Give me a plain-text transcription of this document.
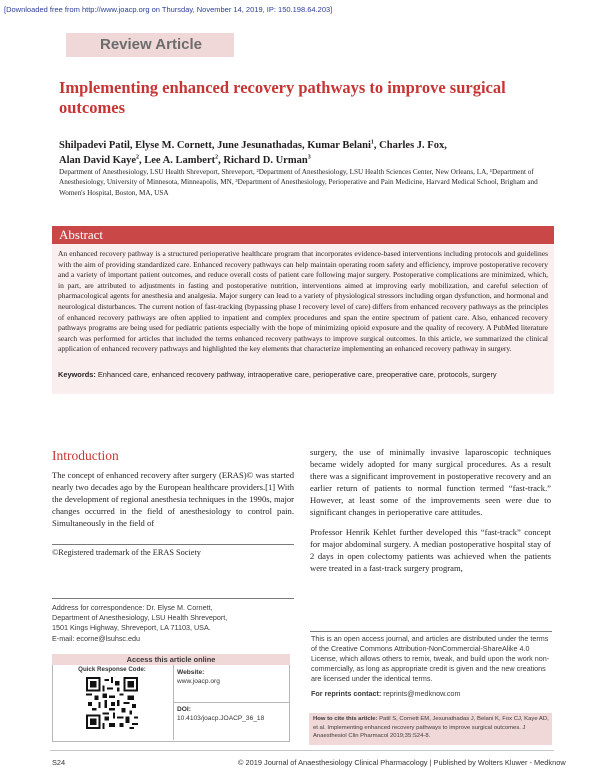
[Downloaded free from http://www.joacp.org on Thursday, November 14, 2019, IP: 150.198.64.203]
Review Article
Implementing enhanced recovery pathways to improve surgical outcomes
Shilpadevi Patil, Elyse M. Cornett, June Jesunathadas, Kumar Belani$^1$, Charles J. Fox,
Alan David Kaye$^2$, Lee A. Lambert$^2$, Richard D. Urman$^3$
Department of Anesthesiology, LSU Health Shreveport, Shreveport, ²Department of Anesthesiology, LSU Health Sciences Center, New Orleans, LA, ¹Department of Anesthesiology, University of Minnesota, Minneapolis, MN, ³Department of Anesthesiology, Perioperative and Pain Medicine, Harvard Medical School, Brigham and Women's Hospital, Boston, MA, USA
Abstract
An enhanced recovery pathway is a structured perioperative healthcare program that incorporates evidence-based interventions including protocols and guidelines with the aim of providing standardized care. Enhanced recovery pathways can help maintain operating room safety and efficiency, improve postoperative recovery and a variety of important patient outcomes, and reduce overall costs of patient care following major surgery. Postoperative complications are minimized, which, in part, are attributed to adjustments in fasting and postoperative nutrition, interventions aimed at improving early mobilization, and careful selection of pharmacological agents for anesthesia and analgesia. Major surgery can lead to a variety of physiological stressors including organ dysfunction, and hormonal and neurological disturbances. The current notion of fast-tracking (bypassing phase I recovery level of care) differs from enhanced recovery pathways as the principles of enhanced recovery pathways are often applied to inpatient and complex procedures and span the entire spectrum of patient care. Also, enhanced recovery pathways programs are being used for pediatric patients especially with the hope of minimizing opioid exposure and the quality of recovery. A PubMed literature search was performed for articles that included the terms enhanced recovery pathways to improve surgical outcomes. In this article, we summarized the clinical application of enhanced recovery pathways and highlighted the key elements that characterize implementing an enhanced recovery pathway in surgery.
Keywords: Enhanced care, enhanced recovery pathway, intraoperative care, perioperative care, preoperative care, protocols, surgery
Introduction

The concept of enhanced recovery after surgery (ERAS)© was started nearly two decades ago by the European healthcare providers.[1] With the development of regional anesthesia techniques in the 1990s, major changes occurred in the field of anesthesiology to control pain. Simultaneously in the field of

©Registered trademark of the ERAS Society
Address for correspondence: Dr. Elyse M. Cornett,
Department of Anesthesiology, LSU Health Shreveport,
1501 Kings Highway, Shreveport, LA 71103, USA.
E-mail: ecorne@lsuhsc.edu
Access this article online
Quick Response Code:	Website:
www.joacp.org
DOI:
10.4103/joacp.JOACP_36_18

surgery, the use of minimally invasive laparoscopic techniques became widely adopted for many surgical procedures. As a result there was a significant improvement in postoperative recovery and an earlier return of patients to normal function termed “fast-track.” However, at least some of the improvements seen were due to significant changes in perioperative care attitudes.

Professor Henrik Kehlet further developed this “fast-track” concept for major abdominal surgery. A median postoperative hospital stay of 2 days in open colectomy patients was achieved when the patients were treated in a fast-track surgery program,

This is an open access journal, and articles are distributed under the terms of the Creative Commons Attribution-NonCommercial-ShareAlike 4.0 License, which allows others to remix, tweak, and build upon the work non-commercially, as long as appropriate credit is given and the new creations are licensed under the identical terms.
For reprints contact: reprints@medknow.com
How to cite this article: Patil S, Cornett EM, Jesunathadas J, Belani K, Fox CJ, Kaye AD, et al. Implementing enhanced recovery pathways to improve surgical outcomes. J Anaesthesiol Clin Pharmacol 2019;35:S24-8.
S24	© 2019 Journal of Anaesthesiology Clinical Pharmacology | Published by Wolters Kluwer - Medknow
